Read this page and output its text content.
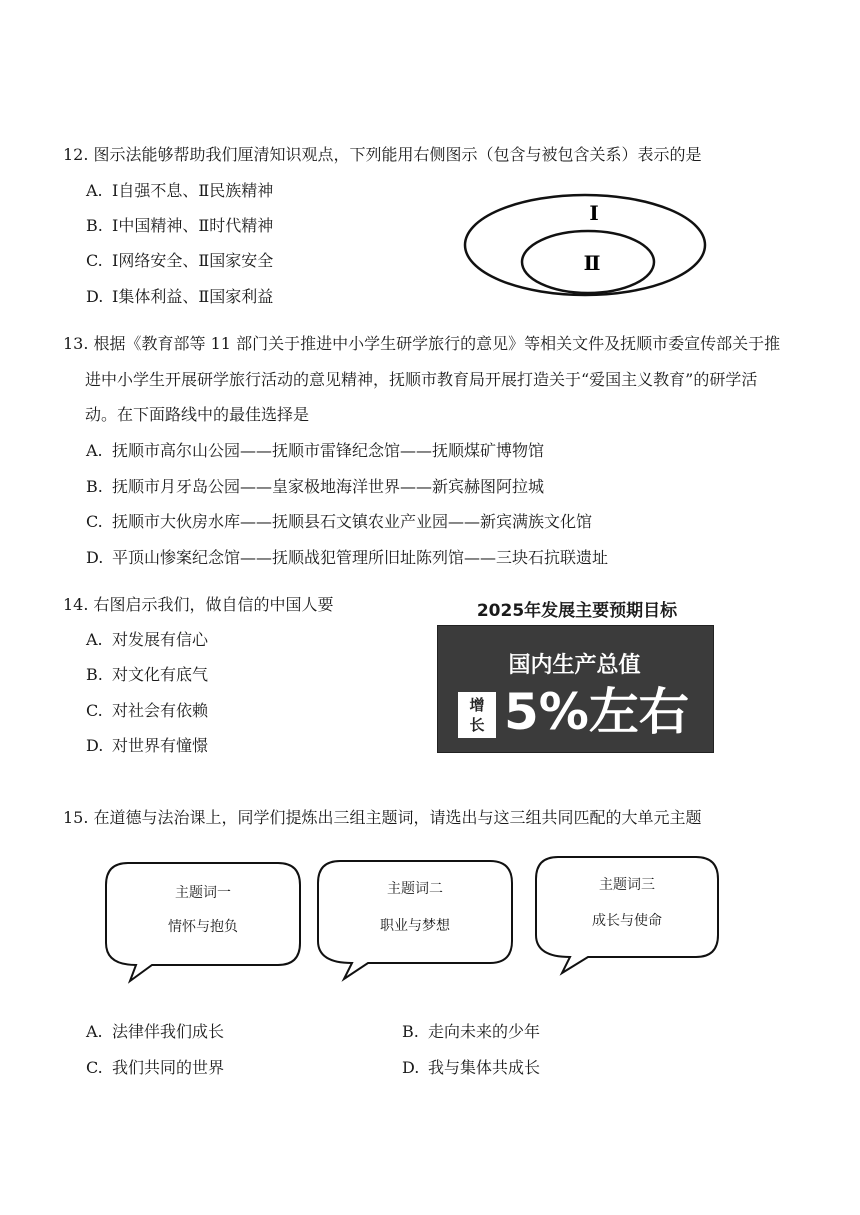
12. 图示法能够帮助我们厘清知识观点，下列能用右侧图示（包含与被包含关系）表示的是
A. Ⅰ自强不息、Ⅱ民族精神
B. Ⅰ中国精神、Ⅱ时代精神
C. Ⅰ网络安全、Ⅱ国家安全
D. Ⅰ集体利益、Ⅱ国家利益
Ⅰ
Ⅱ
13. 根据《教育部等 11 部门关于推进中小学生研学旅行的意见》等相关文件及抚顺市委宣传部关于推
进中小学生开展研学旅行活动的意见精神，抚顺市教育局开展打造关于“爱国主义教育”的研学活
动。在下面路线中的最佳选择是
A. 抚顺市高尔山公园——抚顺市雷锋纪念馆——抚顺煤矿博物馆
B. 抚顺市月牙岛公园——皇家极地海洋世界——新宾赫图阿拉城
C. 抚顺市大伙房水库——抚顺县石文镇农业产业园——新宾满族文化馆
D. 平顶山惨案纪念馆——抚顺战犯管理所旧址陈列馆——三块石抗联遗址
14. 右图启示我们，做自信的中国人要
A. 对发展有信心
B. 对文化有底气
C. 对社会有依赖
D. 对世界有憧憬
2025年发展主要预期目标
国内生产总值
增
长 5%左右
15. 在道德与法治课上，同学们提炼出三组主题词，请选出与这三组共同匹配的大单元主题
主题词一
情怀与抱负
主题词二
职业与梦想
主题词三
成长与使命
A. 法律伴我们成长	B. 走向未来的少年
C. 我们共同的世界	D. 我与集体共成长
